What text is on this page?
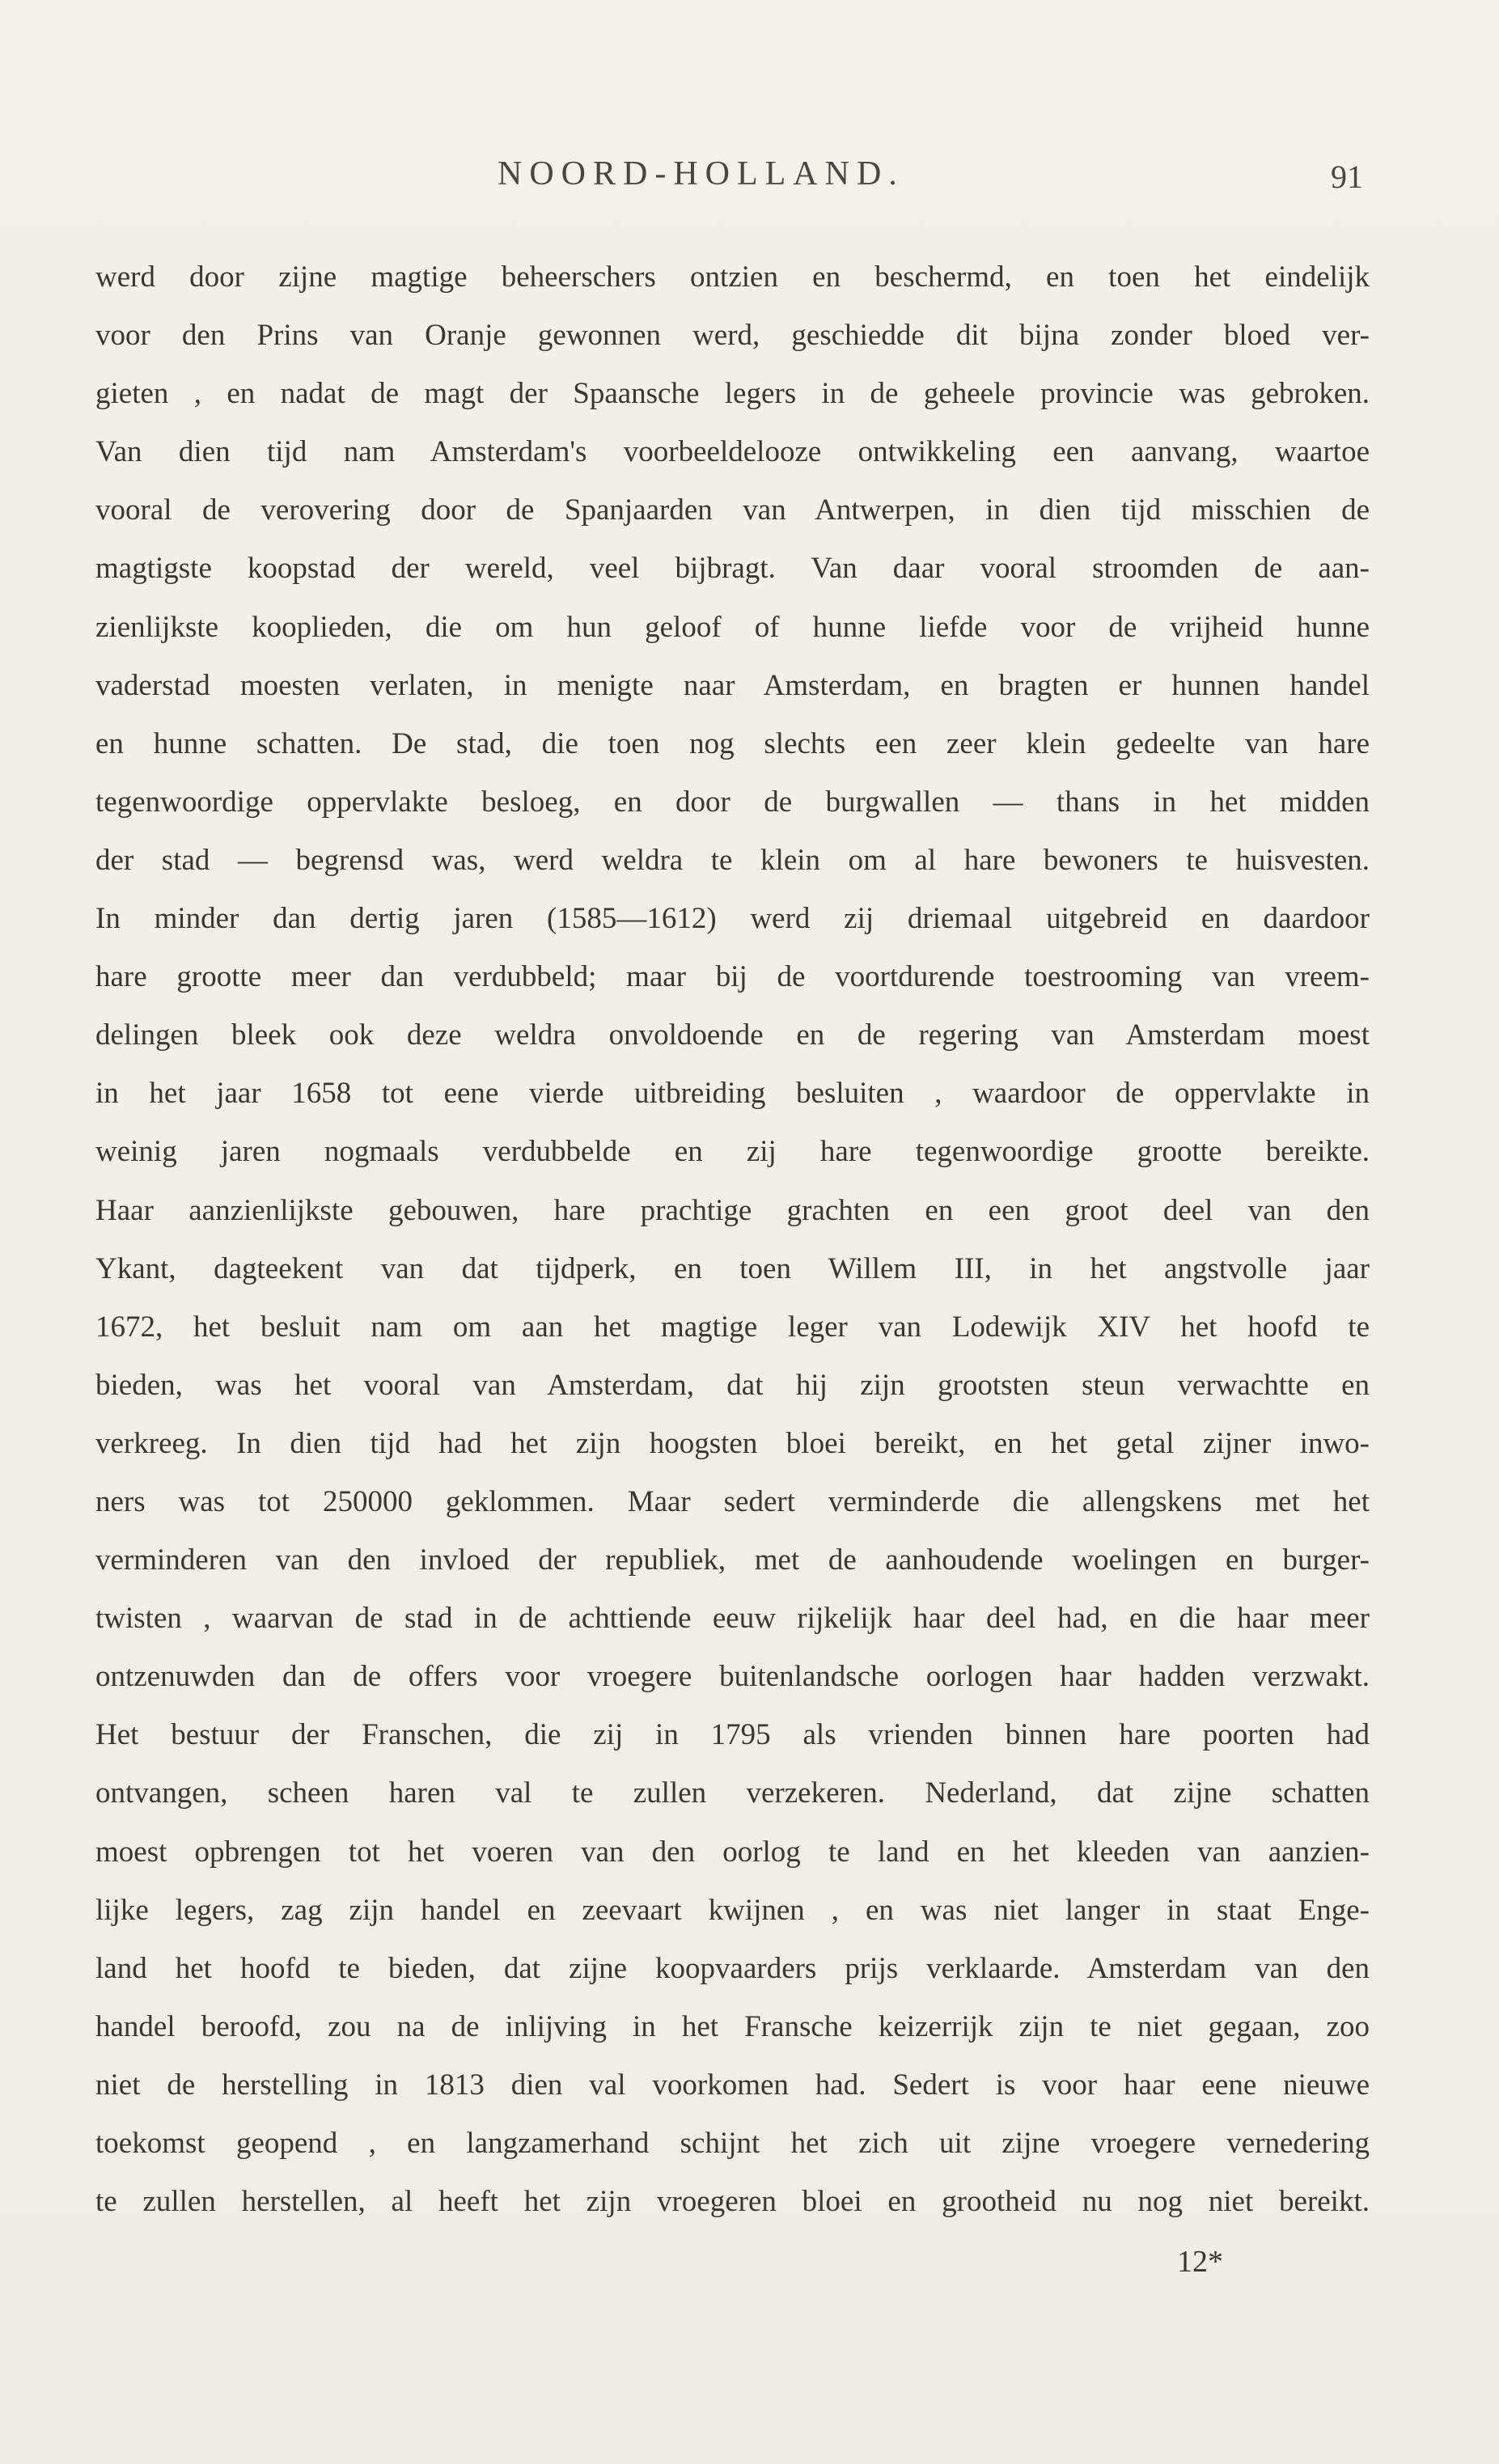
NOORD-HOLLAND.	91
werd door zijne magtige beheerschers ontzien en beschermd, en toen het eindelijk
voor den Prins van Oranje gewonnen werd, geschiedde dit bijna zonder bloed ver-
gieten , en nadat de magt der Spaansche legers in de geheele provincie was gebroken.
Van dien tijd nam Amsterdam's voorbeeldelooze ontwikkeling een aanvang, waartoe
vooral de verovering door de Spanjaarden van Antwerpen, in dien tijd misschien de
magtigste koopstad der wereld, veel bijbragt. Van daar vooral stroomden de aan-
zienlijkste kooplieden, die om hun geloof of hunne liefde voor de vrijheid hunne
vaderstad moesten verlaten, in menigte naar Amsterdam, en bragten er hunnen handel
en hunne schatten. De stad, die toen nog slechts een zeer klein gedeelte van hare
tegenwoordige oppervlakte besloeg, en door de burgwallen — thans in het midden
der stad — begrensd was, werd weldra te klein om al hare bewoners te huisvesten.
In minder dan dertig jaren (1585—1612) werd zij driemaal uitgebreid en daardoor
hare grootte meer dan verdubbeld; maar bij de voortdurende toestrooming van vreem-
delingen bleek ook deze weldra onvoldoende en de regering van Amsterdam moest
in het jaar 1658 tot eene vierde uitbreiding besluiten , waardoor de oppervlakte in
weinig jaren nogmaals verdubbelde en zij hare tegenwoordige grootte bereikte.
Haar aanzienlijkste gebouwen, hare prachtige grachten en een groot deel van den
Ykant, dagteekent van dat tijdperk, en toen Willem III, in het angstvolle jaar
1672, het besluit nam om aan het magtige leger van Lodewijk XIV het hoofd te
bieden, was het vooral van Amsterdam, dat hij zijn grootsten steun verwachtte en
verkreeg. In dien tijd had het zijn hoogsten bloei bereikt, en het getal zijner inwo-
ners was tot 250000 geklommen. Maar sedert verminderde die allengskens met het
verminderen van den invloed der republiek, met de aanhoudende woelingen en burger-
twisten , waarvan de stad in de achttiende eeuw rijkelijk haar deel had, en die haar meer
ontzenuwden dan de offers voor vroegere buitenlandsche oorlogen haar hadden verzwakt.
Het bestuur der Franschen, die zij in 1795 als vrienden binnen hare poorten had
ontvangen, scheen haren val te zullen verzekeren. Nederland, dat zijne schatten
moest opbrengen tot het voeren van den oorlog te land en het kleeden van aanzien-
lijke legers, zag zijn handel en zeevaart kwijnen , en was niet langer in staat Enge-
land het hoofd te bieden, dat zijne koopvaarders prijs verklaarde. Amsterdam van den
handel beroofd, zou na de inlijving in het Fransche keizerrijk zijn te niet gegaan, zoo
niet de herstelling in 1813 dien val voorkomen had. Sedert is voor haar eene nieuwe
toekomst geopend , en langzamerhand schijnt het zich uit zijne vroegere vernedering
te zullen herstellen, al heeft het zijn vroegeren bloei en grootheid nu nog niet bereikt.
12*
